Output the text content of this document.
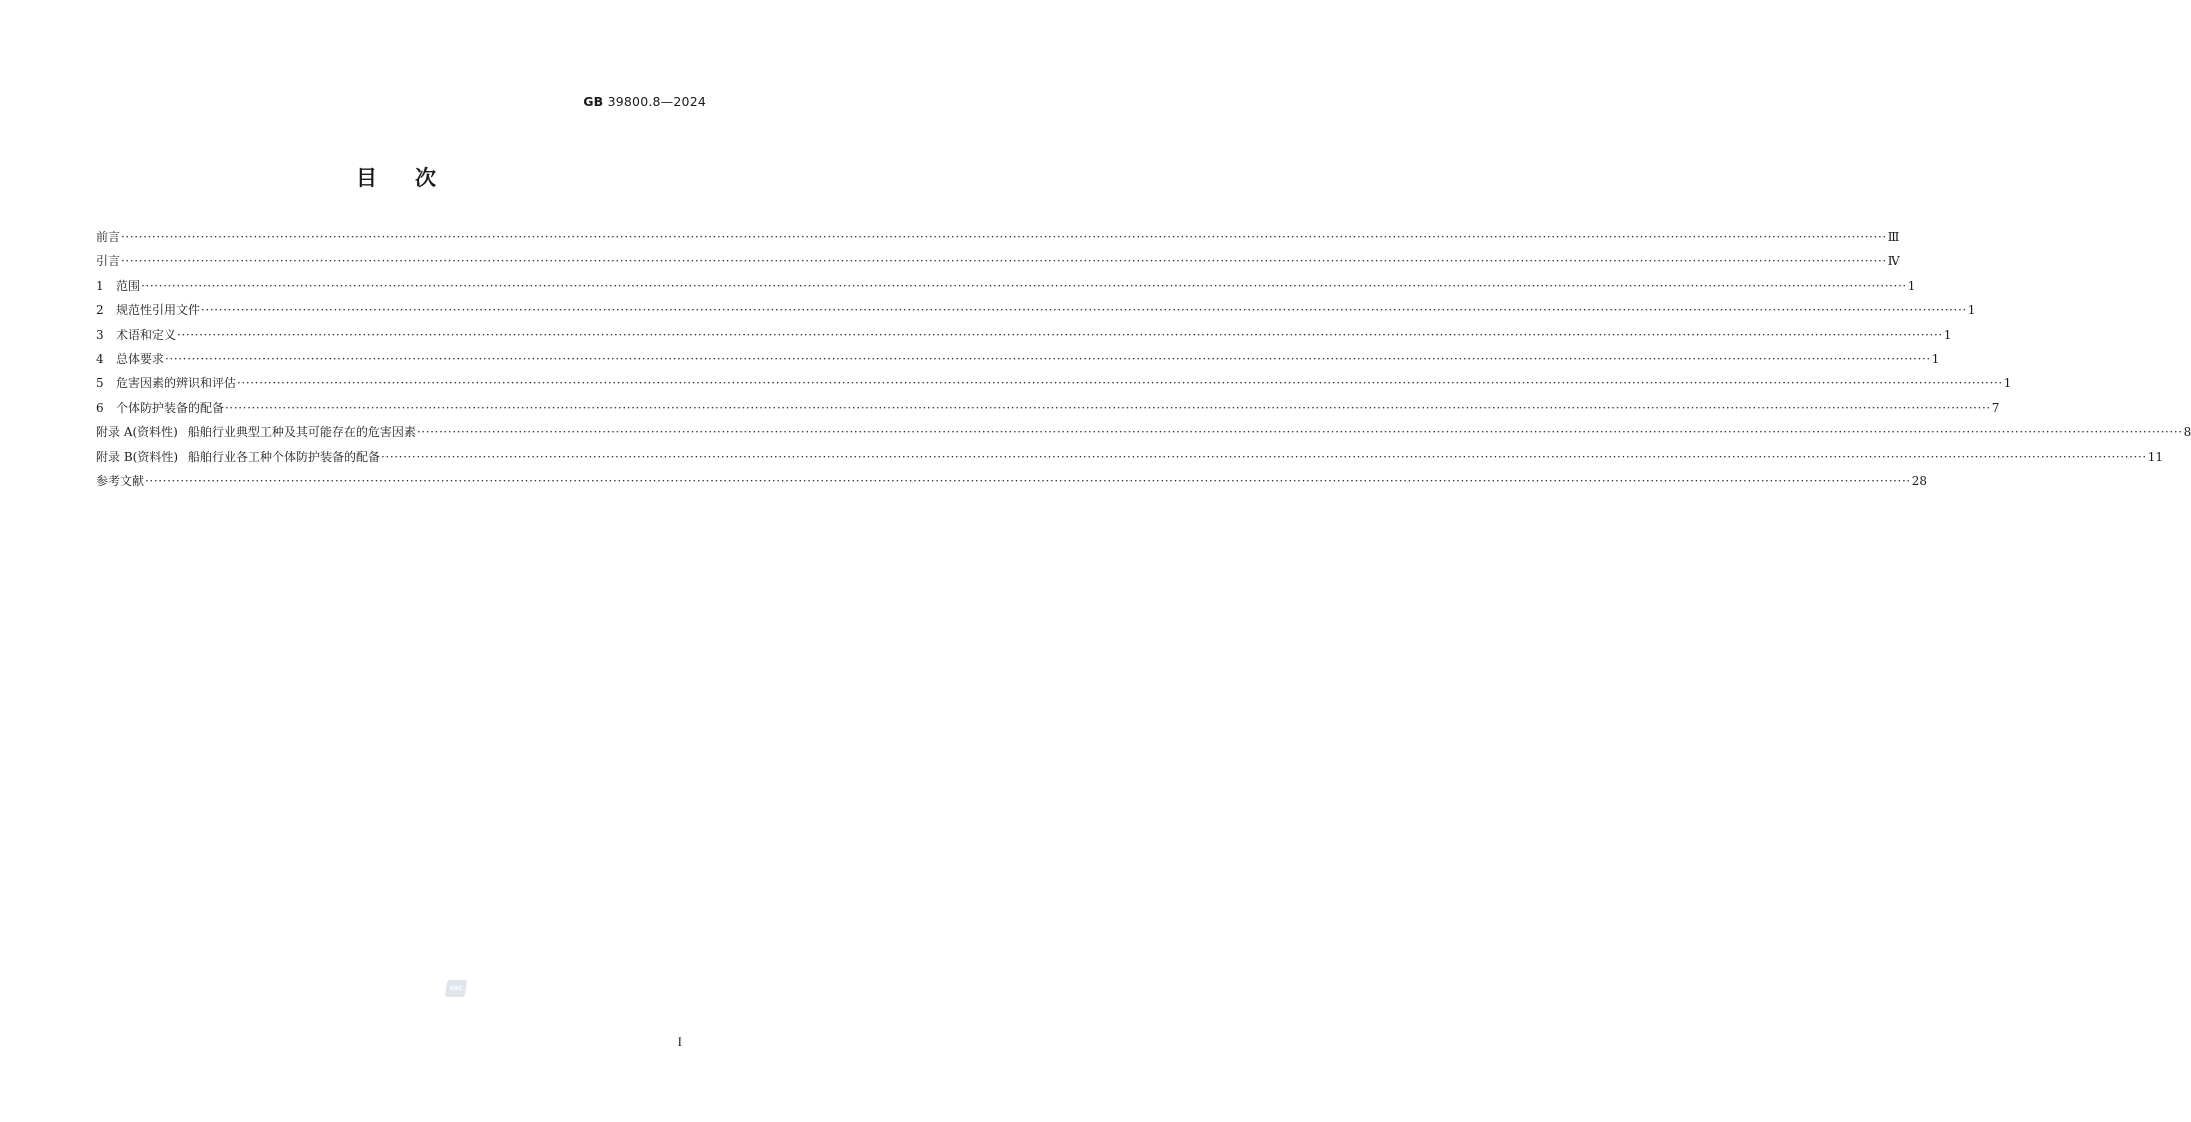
GB 39800.8—2024
目次
前言 ················································································································································································································································································································································································································ Ⅲ
引言 ················································································································································································································································································································································································································ Ⅳ
1	范围 ················································································································································································································································································································································································································ 1
2	规范性引用文件 ················································································································································································································································································································································································································ 1
3	术语和定义 ················································································································································································································································································································································································································ 1
4	总体要求 ················································································································································································································································································································································································································ 1
5	危害因素的辨识和评估 ················································································································································································································································································································································································································ 1
6	个体防护装备的配备 ················································································································································································································································································································································································································ 7
附录 A(资料性) 船舶行业典型工种及其可能存在的危害因素 ················································································································································································································································································································································································································ 8
附录 B(资料性) 船舶行业各工种个体防护装备的配备 ················································································································································································································································································································································································································ 11
参考文献 ················································································································································································································································································································································································································ 28
SAC
I
